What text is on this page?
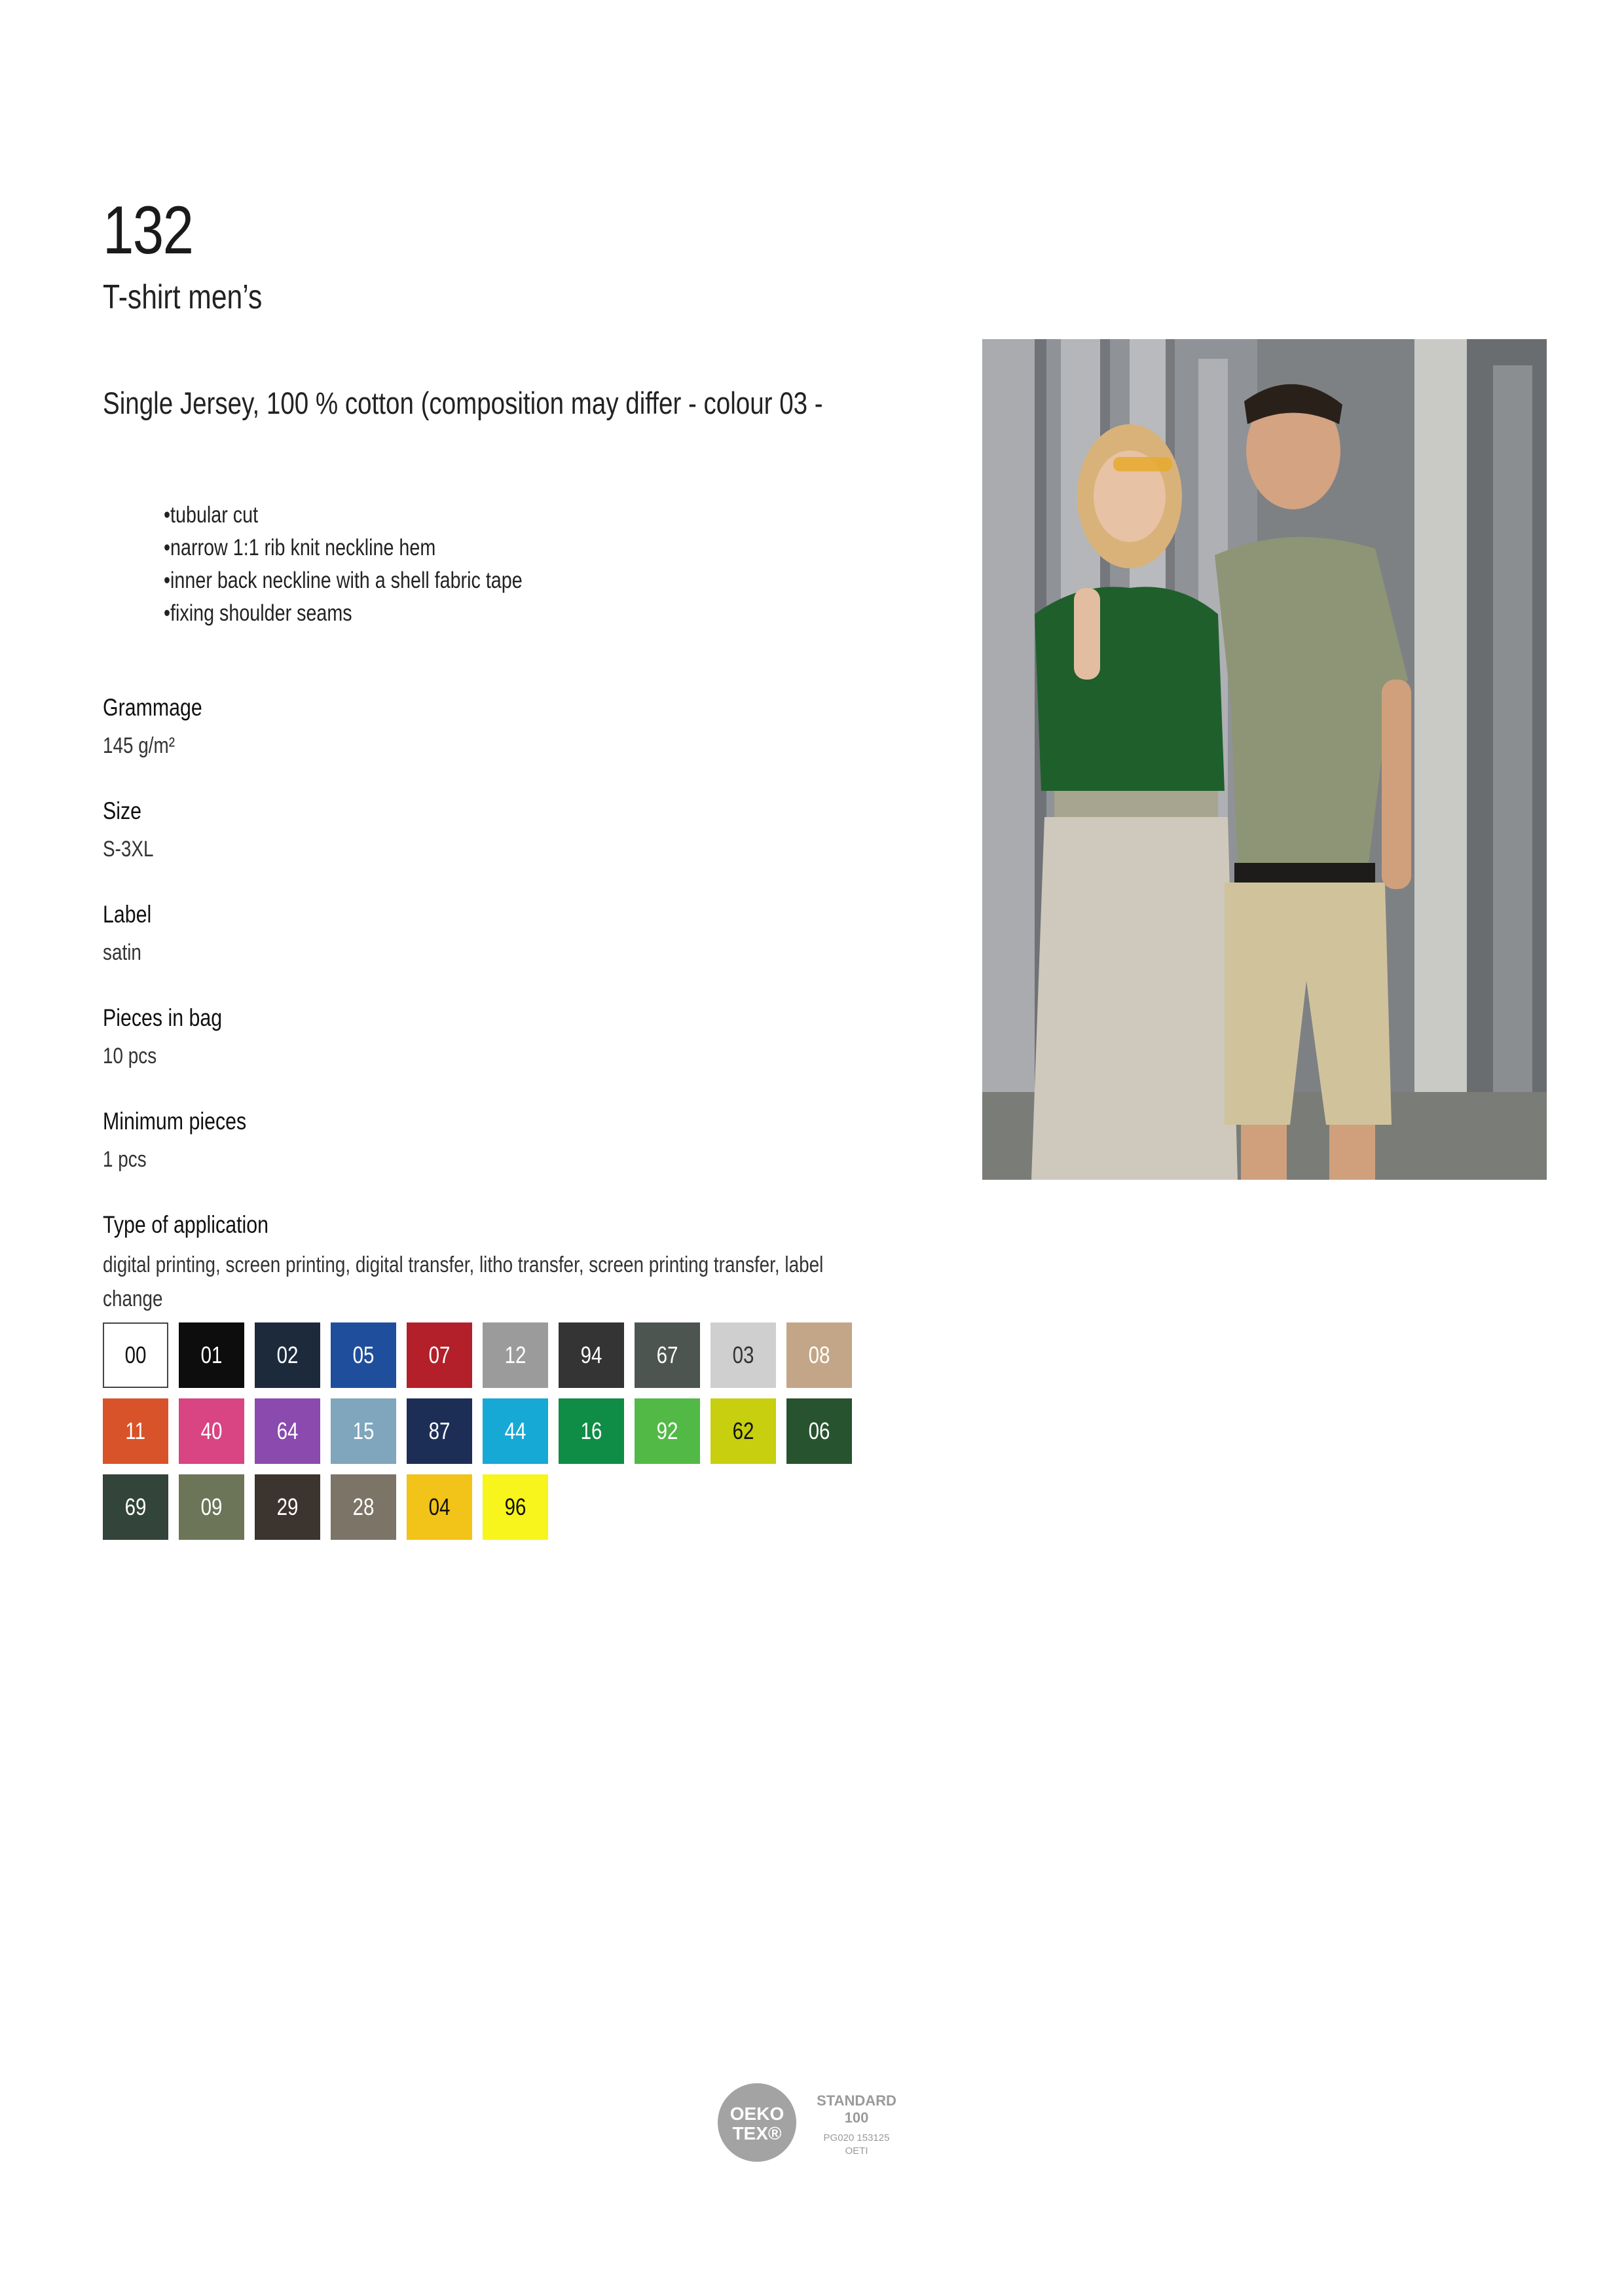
132
T-shirt men’s
Single Jersey, 100 % cotton (composition may differ - colour 03 -
• tubular cut
• narrow 1:1 rib knit neckline hem
• inner back neckline with a shell fabric tape
• fixing shoulder seams
Grammage
145 g/m²
Size
S-3XL
Label
satin
Pieces in bag
10 pcs
Minimum pieces
1 pcs
Type of application
digital printing, screen printing, digital transfer, litho transfer, screen printing transfer, label change
00 01 02 05 07 12 94 67 03 08
11 40 64 15 87 44 16 92 62 06
69 09 29 28 04 96
OEKO
TEX®
STANDARD
100
PG020 153125
OETI
